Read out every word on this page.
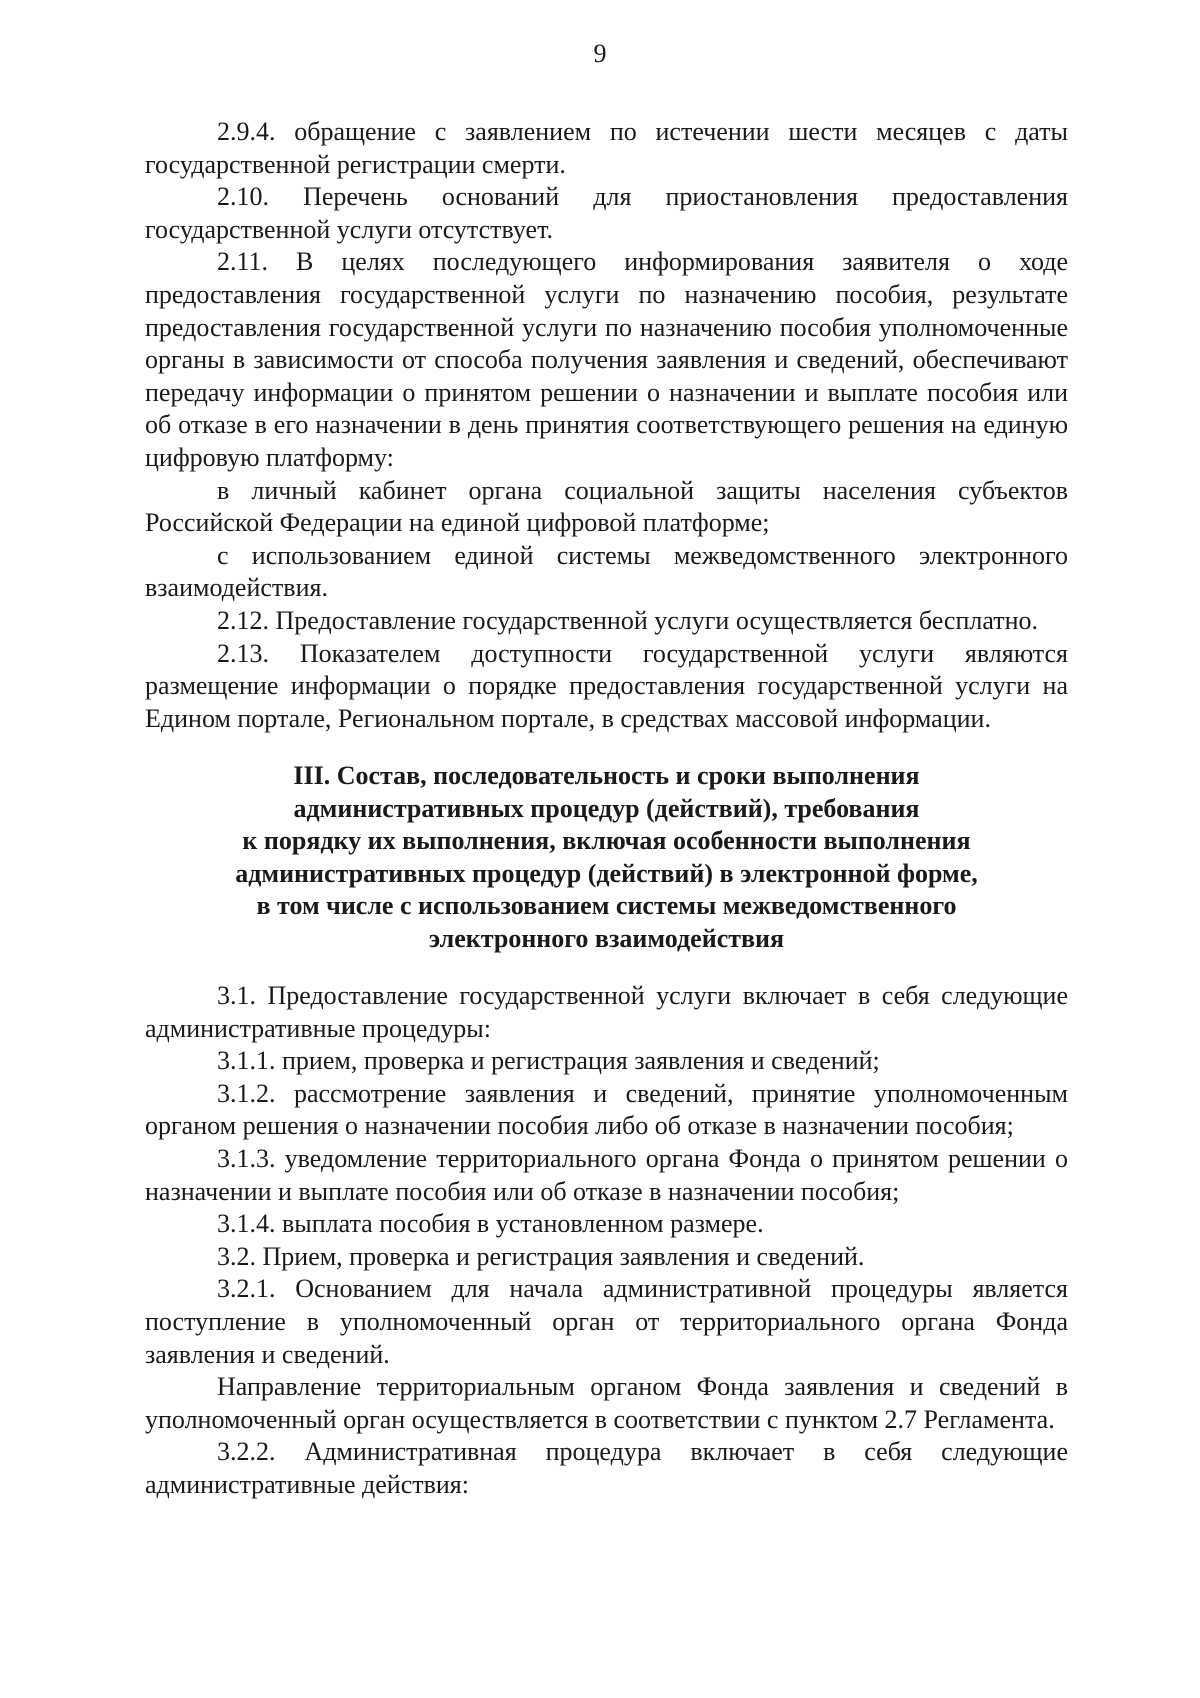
9

2.9.4. обращение с заявлением по истечении шести месяцев с даты государственной регистрации смерти.

2.10. Перечень оснований для приостановления предоставления государственной услуги отсутствует.

2.11. В целях последующего информирования заявителя о ходе предоставления государственной услуги по назначению пособия, результате предоставления государственной услуги по назначению пособия уполномоченные органы в зависимости от способа получения заявления и сведений, обеспечивают передачу информации о принятом решении о назначении и выплате пособия или об отказе в его назначении в день принятия соответствующего решения на единую цифровую платформу:

в личный кабинет органа социальной защиты населения субъектов Российской Федерации на единой цифровой платформе;

с использованием единой системы межведомственного электронного взаимодействия.

2.12. Предоставление государственной услуги осуществляется бесплатно.

2.13. Показателем доступности государственной услуги являются размещение информации о порядке предоставления государственной услуги на Едином портале, Региональном портале, в средствах массовой информации.

III. Состав, последовательность и сроки выполнения
административных процедур (действий), требования
к порядку их выполнения, включая особенности выполнения
административных процедур (действий) в электронной форме,
в том числе с использованием системы межведомственного
электронного взаимодействия

3.1. Предоставление государственной услуги включает в себя следующие административные процедуры:

3.1.1. прием, проверка и регистрация заявления и сведений;

3.1.2. рассмотрение заявления и сведений, принятие уполномоченным органом решения о назначении пособия либо об отказе в назначении пособия;

3.1.3. уведомление территориального органа Фонда о принятом решении о назначении и выплате пособия или об отказе в назначении пособия;

3.1.4. выплата пособия в установленном размере.

3.2. Прием, проверка и регистрация заявления и сведений.

3.2.1. Основанием для начала административной процедуры является поступление в уполномоченный орган от территориального органа Фонда заявления и сведений.

Направление территориальным органом Фонда заявления и сведений в уполномоченный орган осуществляется в соответствии с пунктом 2.7 Регламента.

3.2.2. Административная процедура включает в себя следующие административные действия:
